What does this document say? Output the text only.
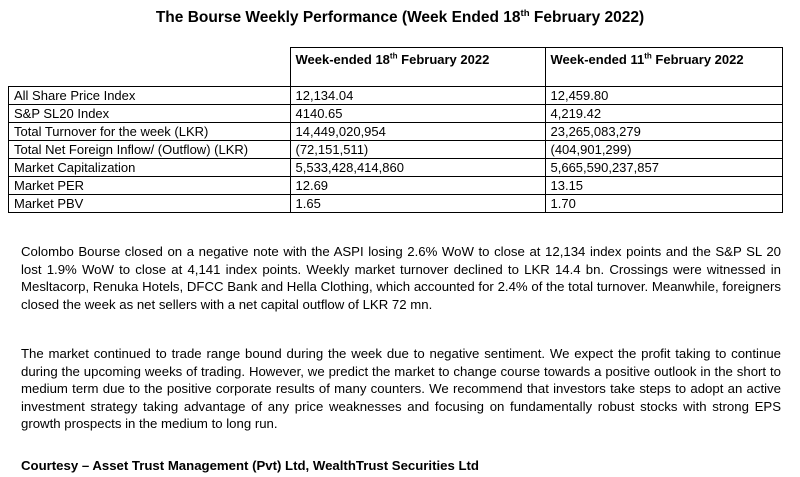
The Bourse Weekly Performance (Week Ended 18th February 2022)
	Week-ended 18th February 2022	Week-ended 11th February 2022
All Share Price Index	12,134.04	12,459.80
S&P SL20 Index	4140.65	4,219.42
Total Turnover for the week (LKR)	14,449,020,954	23,265,083,279
Total Net Foreign Inflow/ (Outflow) (LKR)	(72,151,511)	(404,901,299)
Market Capitalization	5,533,428,414,860	5,665,590,237,857
Market PER	12.69	13.15
Market PBV	1.65	1.70

Colombo Bourse closed on a negative note with the ASPI losing 2.6% WoW to close at 12,134 index points and the S&P SL 20 lost 1.9% WoW to close at 4,141 index points. Weekly market turnover declined to LKR 14.4 bn. Crossings were witnessed in Mesltacorp, Renuka Hotels, DFCC Bank and Hella Clothing, which accounted for 2.4% of the total turnover. Meanwhile, foreigners closed the week as net sellers with a net capital outflow of LKR 72 mn.

The market continued to trade range bound during the week due to negative sentiment. We expect the profit taking to continue during the upcoming weeks of trading. However, we predict the market to change course towards a positive outlook in the short to medium term due to the positive corporate results of many counters. We recommend that investors take steps to adopt an active investment strategy taking advantage of any price weaknesses and focusing on fundamentally robust stocks with strong EPS growth prospects in the medium to long run.

Courtesy – Asset Trust Management (Pvt) Ltd, WealthTrust Securities Ltd
